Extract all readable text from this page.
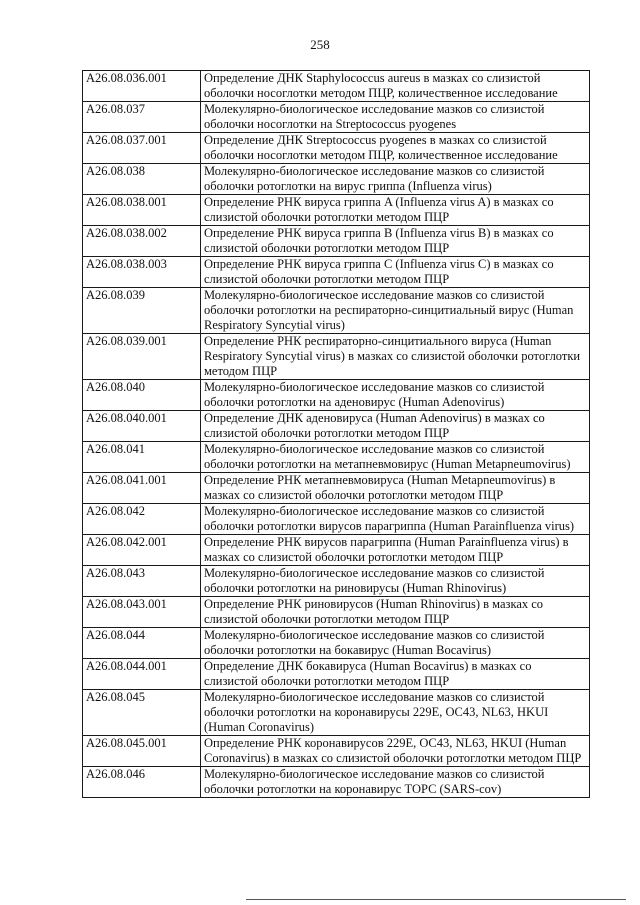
258
A26.08.036.001	Определение ДНК Staphylococcus aureus в мазках со слизистой оболочки носоглотки методом ПЦР, количественное исследование
A26.08.037	Молекулярно-биологическое исследование мазков со слизистой оболочки носоглотки на Streptococcus pyogenes
A26.08.037.001	Определение ДНК Streptococcus pyogenes в мазках со слизистой оболочки носоглотки методом ПЦР, количественное исследование
A26.08.038	Молекулярно-биологическое исследование мазков со слизистой оболочки ротоглотки на вирус гриппа (Influenza virus)
A26.08.038.001	Определение РНК вируса гриппа A (Influenza virus A) в мазках со слизистой оболочки ротоглотки методом ПЦР
A26.08.038.002	Определение РНК вируса гриппа B (Influenza virus B) в мазках со слизистой оболочки ротоглотки методом ПЦР
A26.08.038.003	Определение РНК вируса гриппа C (Influenza virus C) в мазках со слизистой оболочки ротоглотки методом ПЦР
A26.08.039	Молекулярно-биологическое исследование мазков со слизистой оболочки ротоглотки на респираторно-синцитиальный вирус (Human Respiratory Syncytial virus)
A26.08.039.001	Определение РНК респираторно-синцитиального вируса (Human Respiratory Syncytial virus) в мазках со слизистой оболочки ротоглотки методом ПЦР
A26.08.040	Молекулярно-биологическое исследование мазков со слизистой оболочки ротоглотки на аденовирус (Human Adenovirus)
A26.08.040.001	Определение ДНК аденовируса (Human Adenovirus) в мазках со слизистой оболочки ротоглотки методом ПЦР
A26.08.041	Молекулярно-биологическое исследование мазков со слизистой оболочки ротоглотки на метапневмовирус (Human Metapneumovirus)
A26.08.041.001	Определение РНК метапневмовируса (Human Metapneumovirus) в мазках со слизистой оболочки ротоглотки методом ПЦР
A26.08.042	Молекулярно-биологическое исследование мазков со слизистой оболочки ротоглотки вирусов парагриппа (Human Parainfluenza virus)
A26.08.042.001	Определение РНК вирусов парагриппа (Human Parainfluenza virus) в мазках со слизистой оболочки ротоглотки методом ПЦР
A26.08.043	Молекулярно-биологическое исследование мазков со слизистой оболочки ротоглотки на риновирусы (Human Rhinovirus)
A26.08.043.001	Определение РНК риновирусов (Human Rhinovirus) в мазках со слизистой оболочки ротоглотки методом ПЦР
A26.08.044	Молекулярно-биологическое исследование мазков со слизистой оболочки ротоглотки на бокавирус (Human Bocavirus)
A26.08.044.001	Определение ДНК бокавируса (Human Bocavirus) в мазках со слизистой оболочки ротоглотки методом ПЦР
A26.08.045	Молекулярно-биологическое исследование мазков со слизистой оболочки ротоглотки на коронавирусы 229E, OC43, NL63, HKUI (Human Coronavirus)
A26.08.045.001	Определение РНК коронавирусов 229E, OC43, NL63, HKUI (Human Coronavirus) в мазках со слизистой оболочки ротоглотки методом ПЦР
A26.08.046	Молекулярно-биологическое исследование мазков со слизистой оболочки ротоглотки на коронавирус ТОРС (SARS-cov)
